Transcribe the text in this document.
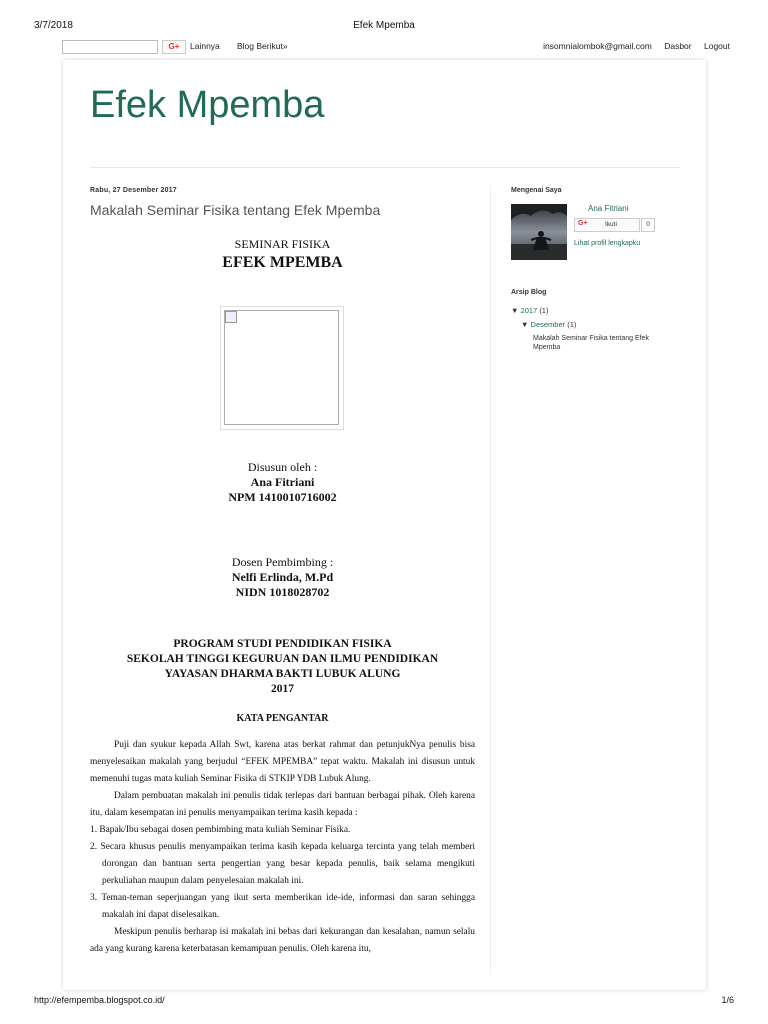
3/7/2018	Efek Mpemba
G+	Lainnya Blog Berikut»	insomnialombok@gmail.com Dasbor Logout
Efek Mpemba
Rabu, 27 Desember 2017
Makalah Seminar Fisika tentang Efek Mpemba
SEMINAR FISIKA
EFEK MPEMBA
Disusun oleh :
Ana Fitriani
NPM 1410010716002
Dosen Pembimbing :
Nelfi Erlinda, M.Pd
NIDN 1018028702
PROGRAM STUDI PENDIDIKAN FISIKA
SEKOLAH TINGGI KEGURUAN DAN ILMU PENDIDIKAN
YAYASAN DHARMA BAKTI LUBUK ALUNG
2017
KATA PENGANTAR
Puji dan syukur kepada Allah Swt, karena atas berkat rahmat dan petunjukNya penulis bisa menyelesaikan makalah yang berjudul “EFEK MPEMBA” tepat waktu. Makalah ini disusun untuk memenuhi tugas mata kuliah Seminar Fisika di STKIP YDB Lubuk Alung.
Dalam pembuatan makalah ini penulis tidak terlepas dari bantuan berbagai pihak. Oleh karena itu, dalam kesempatan ini penulis menyampaikan terima kasih kepada :
1. Bapak/Ibu sebagai dosen pembimbing mata kuliah Seminar Fisika.
2. Secara khusus penulis menyampaikan terima kasih kepada keluarga tercinta yang telah memberi dorongan dan bantuan serta pengertian yang besar kepada penulis, baik selama mengikuti perkuliahan maupun dalam penyelesaian makalah ini.
3. Teman-teman seperjuangan yang ikut serta memberikan ide-ide, informasi dan saran sehingga makalah ini dapat diselesaikan.
Meskipun penulis berharap isi makalah ini bebas dari kekurangan dan kesalahan, namun selalu ada yang kurang karena keterbatasan kemampuan penulis. Oleh karena itu,
Mengenai Saya
Ana Fitriani
G+	Ikuti	0
Lihat profil lengkapku
Arsip Blog
▼ 2017 (1)
▼ Desember (1)
Makalah Seminar Fisika tentang Efek Mpemba
http://efempemba.blogspot.co.id/	1/6
